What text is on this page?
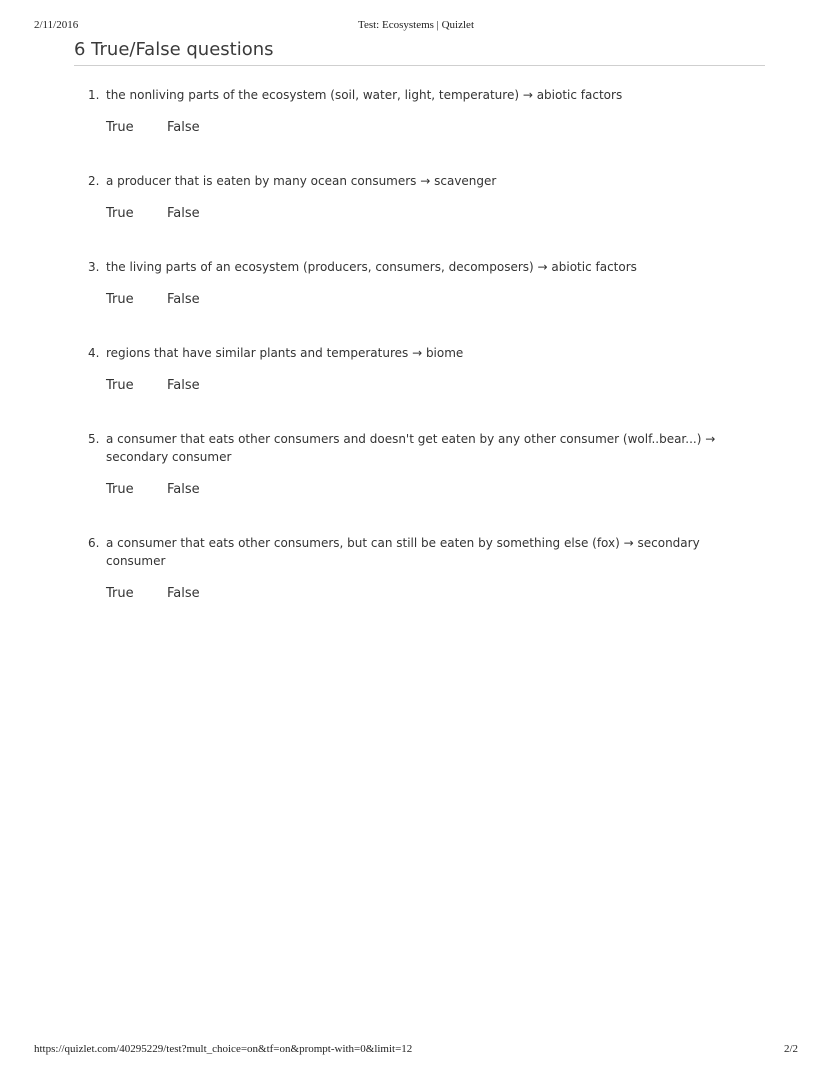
2/11/2016	Test: Ecosystems | Quizlet
6 True/False questions
1. the nonliving parts of the ecosystem (soil, water, light, temperature) → abiotic factors
True	False
2. a producer that is eaten by many ocean consumers → scavenger
True	False
3. the living parts of an ecosystem (producers, consumers, decomposers) → abiotic factors
True	False
4. regions that have similar plants and temperatures → biome
True	False
5. a consumer that eats other consumers and doesn't get eaten by any other consumer (wolf..bear...) → secondary consumer
True	False
6. a consumer that eats other consumers, but can still be eaten by something else (fox) → secondary consumer
True	False
https://quizlet.com/40295229/test?mult_choice=on&tf=on&prompt-with=0&limit=12	2/2
